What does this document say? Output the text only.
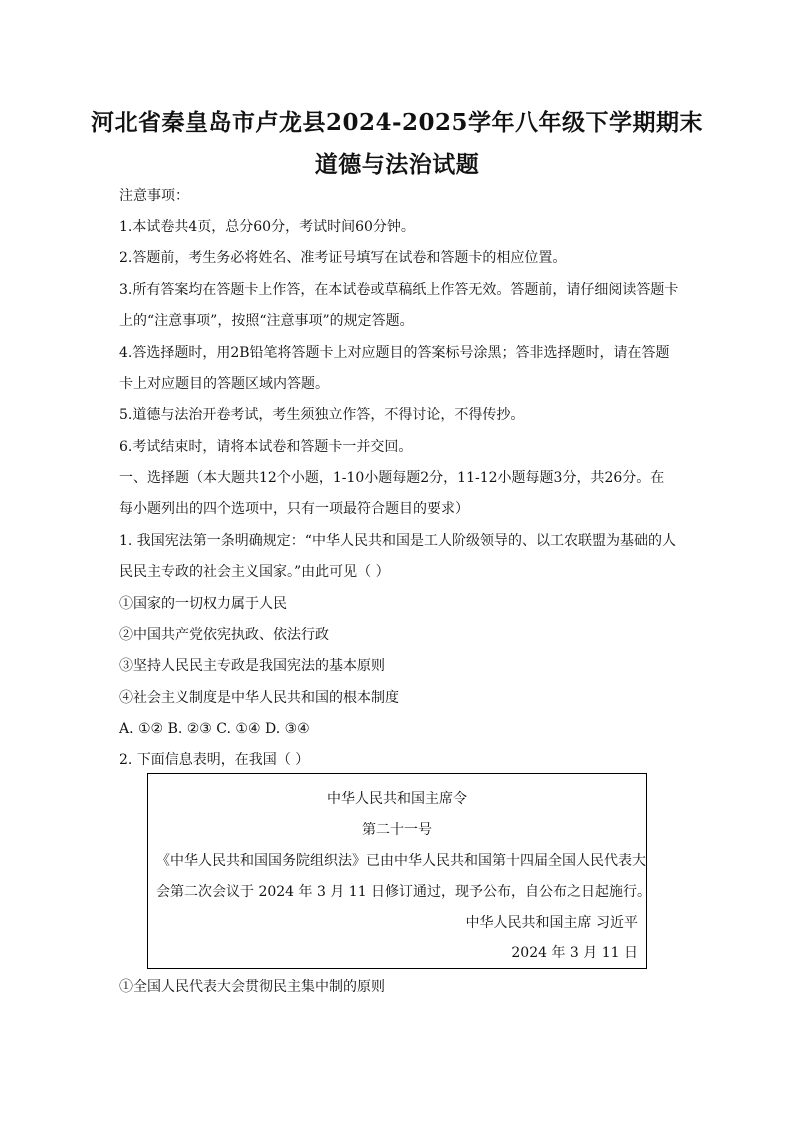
河北省秦皇岛市卢龙县2024-2025学年八年级下学期期末
道德与法治试题
注意事项：
1.本试卷共4页，总分60分，考试时间60分钟。
2.答题前，考生务必将姓名、准考证号填写在试卷和答题卡的相应位置。
3.所有答案均在答题卡上作答，在本试卷或草稿纸上作答无效。答题前，请仔细阅读答题卡
上的“注意事项”，按照“注意事项”的规定答题。
4.答选择题时，用2B铅笔将答题卡上对应题目的答案标号涂黑；答非选择题时，请在答题
卡上对应题目的答题区域内答题。
5.道德与法治开卷考试，考生须独立作答，不得讨论，不得传抄。
6.考试结束时，请将本试卷和答题卡一并交回。
一、选择题（本大题共12个小题，1-10小题每题2分，11-12小题每题3分，共26分。在
每小题列出的四个选项中，只有一项最符合题目的要求）
1. 我国宪法第一条明确规定：“中华人民共和国是工人阶级领导的、以工农联盟为基础的人
民民主专政的社会主义国家。”由此可见（ ）
①国家的一切权力属于人民
②中国共产党依宪执政、依法行政
③坚持人民民主专政是我国宪法的基本原则
④社会主义制度是中华人民共和国的根本制度
A. ①② B. ②③ C. ①④ D. ③④
2. 下面信息表明，在我国（ ）
中华人民共和国主席令
第二十一号
《中华人民共和国国务院组织法》已由中华人民共和国第十四届全国人民代表大
会第二次会议于 2024 年 3 月 11 日修订通过，现予公布，自公布之日起施行。
中华人民共和国主席 习近平
2024 年 3 月 11 日
①全国人民代表大会贯彻民主集中制的原则
